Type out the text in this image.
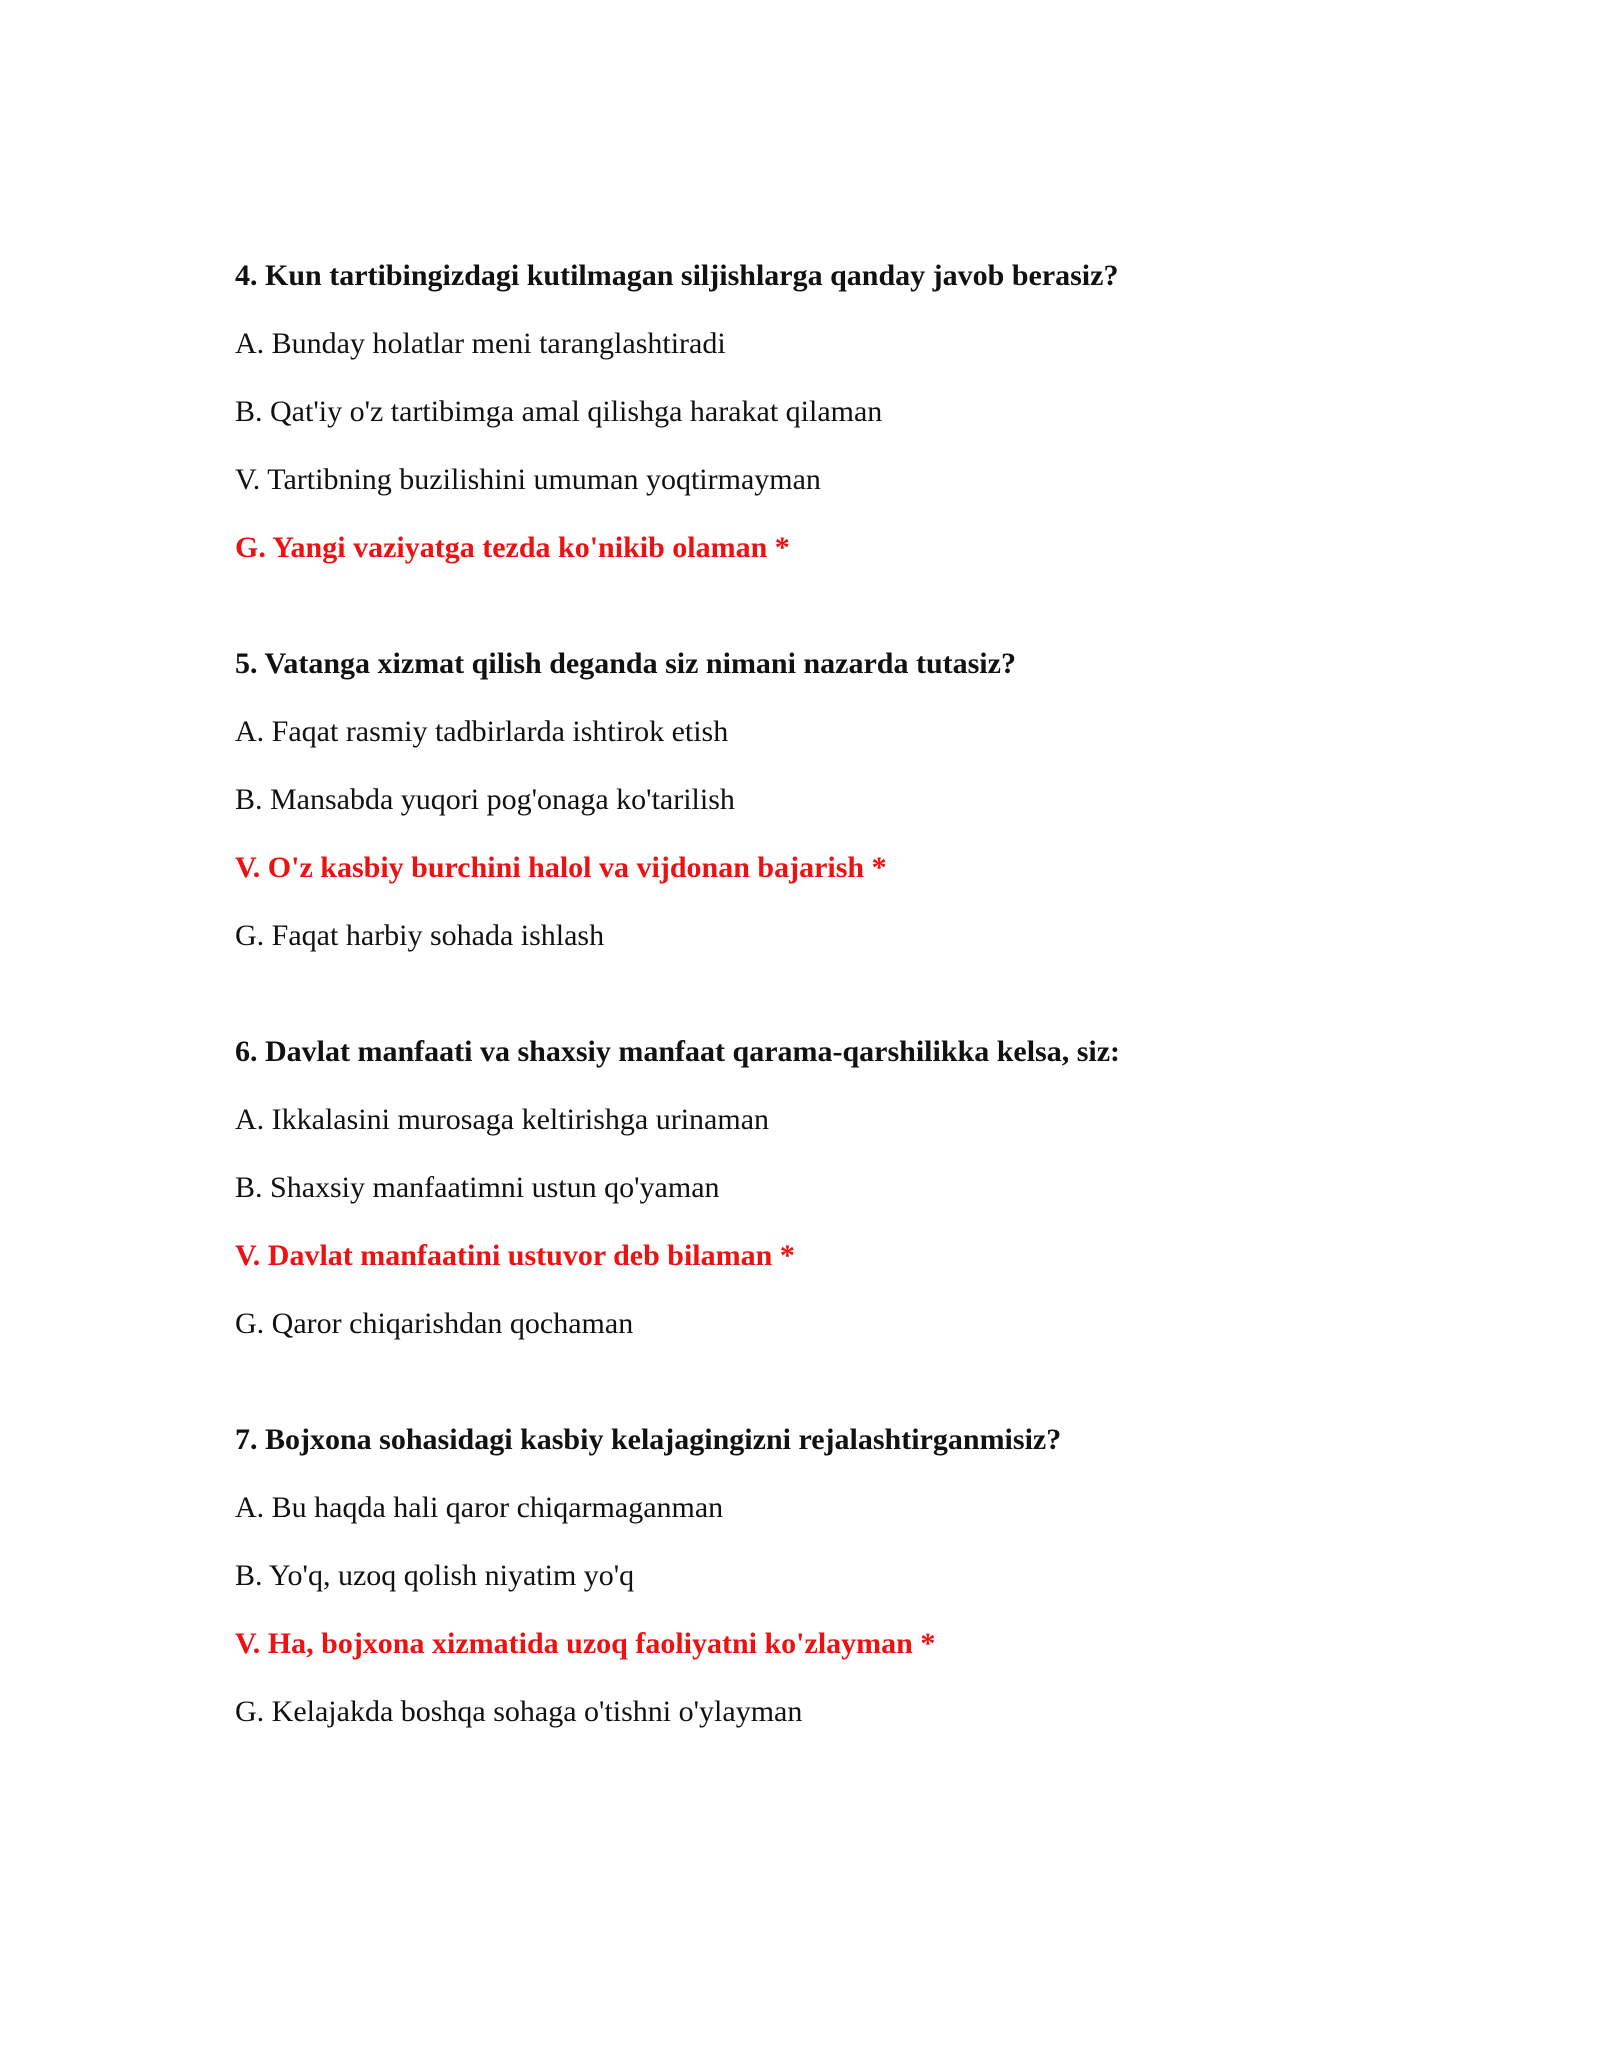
4. Kun tartibingizdagi kutilmagan siljishlarga qanday javob berasiz?
A. Bunday holatlar meni taranglashtiradi
B. Qat'iy o'z tartibimga amal qilishga harakat qilaman
V. Tartibning buzilishini umuman yoqtirmayman
G. Yangi vaziyatga tezda ko'nikib olaman *
5. Vatanga xizmat qilish deganda siz nimani nazarda tutasiz?
A. Faqat rasmiy tadbirlarda ishtirok etish
B. Mansabda yuqori pog'onaga ko'tarilish
V. O'z kasbiy burchini halol va vijdonan bajarish *
G. Faqat harbiy sohada ishlash
6. Davlat manfaati va shaxsiy manfaat qarama-qarshilikka kelsa, siz:
A. Ikkalasini murosaga keltirishga urinaman
B. Shaxsiy manfaatimni ustun qo'yaman
V. Davlat manfaatini ustuvor deb bilaman *
G. Qaror chiqarishdan qochaman
7. Bojxona sohasidagi kasbiy kelajagingizni rejalashtirganmisiz?
A. Bu haqda hali qaror chiqarmaganman
B. Yo'q, uzoq qolish niyatim yo'q
V. Ha, bojxona xizmatida uzoq faoliyatni ko'zlayman *
G. Kelajakda boshqa sohaga o'tishni o'ylayman
